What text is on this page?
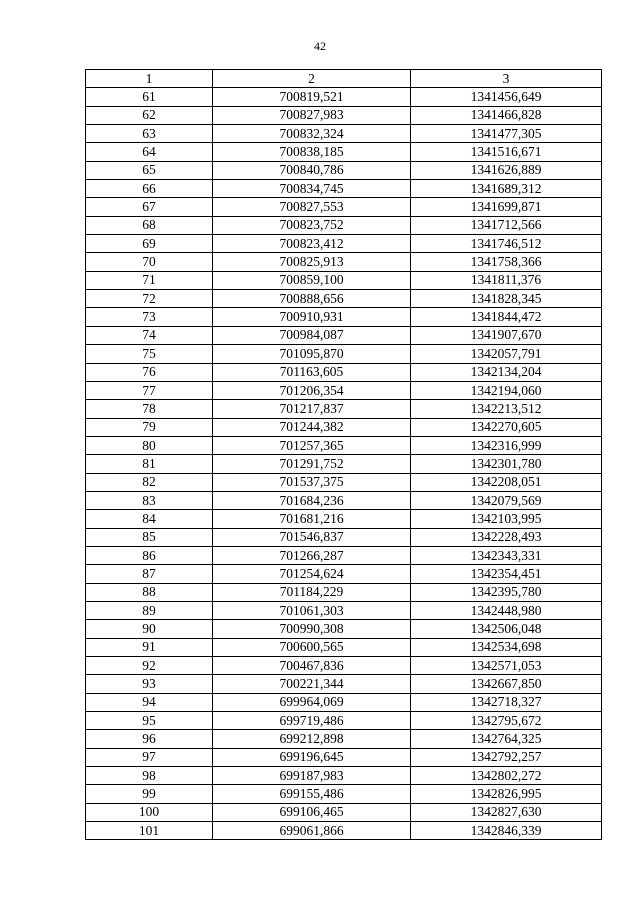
42
1	2	3
61	700819,521	1341456,649
62	700827,983	1341466,828
63	700832,324	1341477,305
64	700838,185	1341516,671
65	700840,786	1341626,889
66	700834,745	1341689,312
67	700827,553	1341699,871
68	700823,752	1341712,566
69	700823,412	1341746,512
70	700825,913	1341758,366
71	700859,100	1341811,376
72	700888,656	1341828,345
73	700910,931	1341844,472
74	700984,087	1341907,670
75	701095,870	1342057,791
76	701163,605	1342134,204
77	701206,354	1342194,060
78	701217,837	1342213,512
79	701244,382	1342270,605
80	701257,365	1342316,999
81	701291,752	1342301,780
82	701537,375	1342208,051
83	701684,236	1342079,569
84	701681,216	1342103,995
85	701546,837	1342228,493
86	701266,287	1342343,331
87	701254,624	1342354,451
88	701184,229	1342395,780
89	701061,303	1342448,980
90	700990,308	1342506,048
91	700600,565	1342534,698
92	700467,836	1342571,053
93	700221,344	1342667,850
94	699964,069	1342718,327
95	699719,486	1342795,672
96	699212,898	1342764,325
97	699196,645	1342792,257
98	699187,983	1342802,272
99	699155,486	1342826,995
100	699106,465	1342827,630
101	699061,866	1342846,339
